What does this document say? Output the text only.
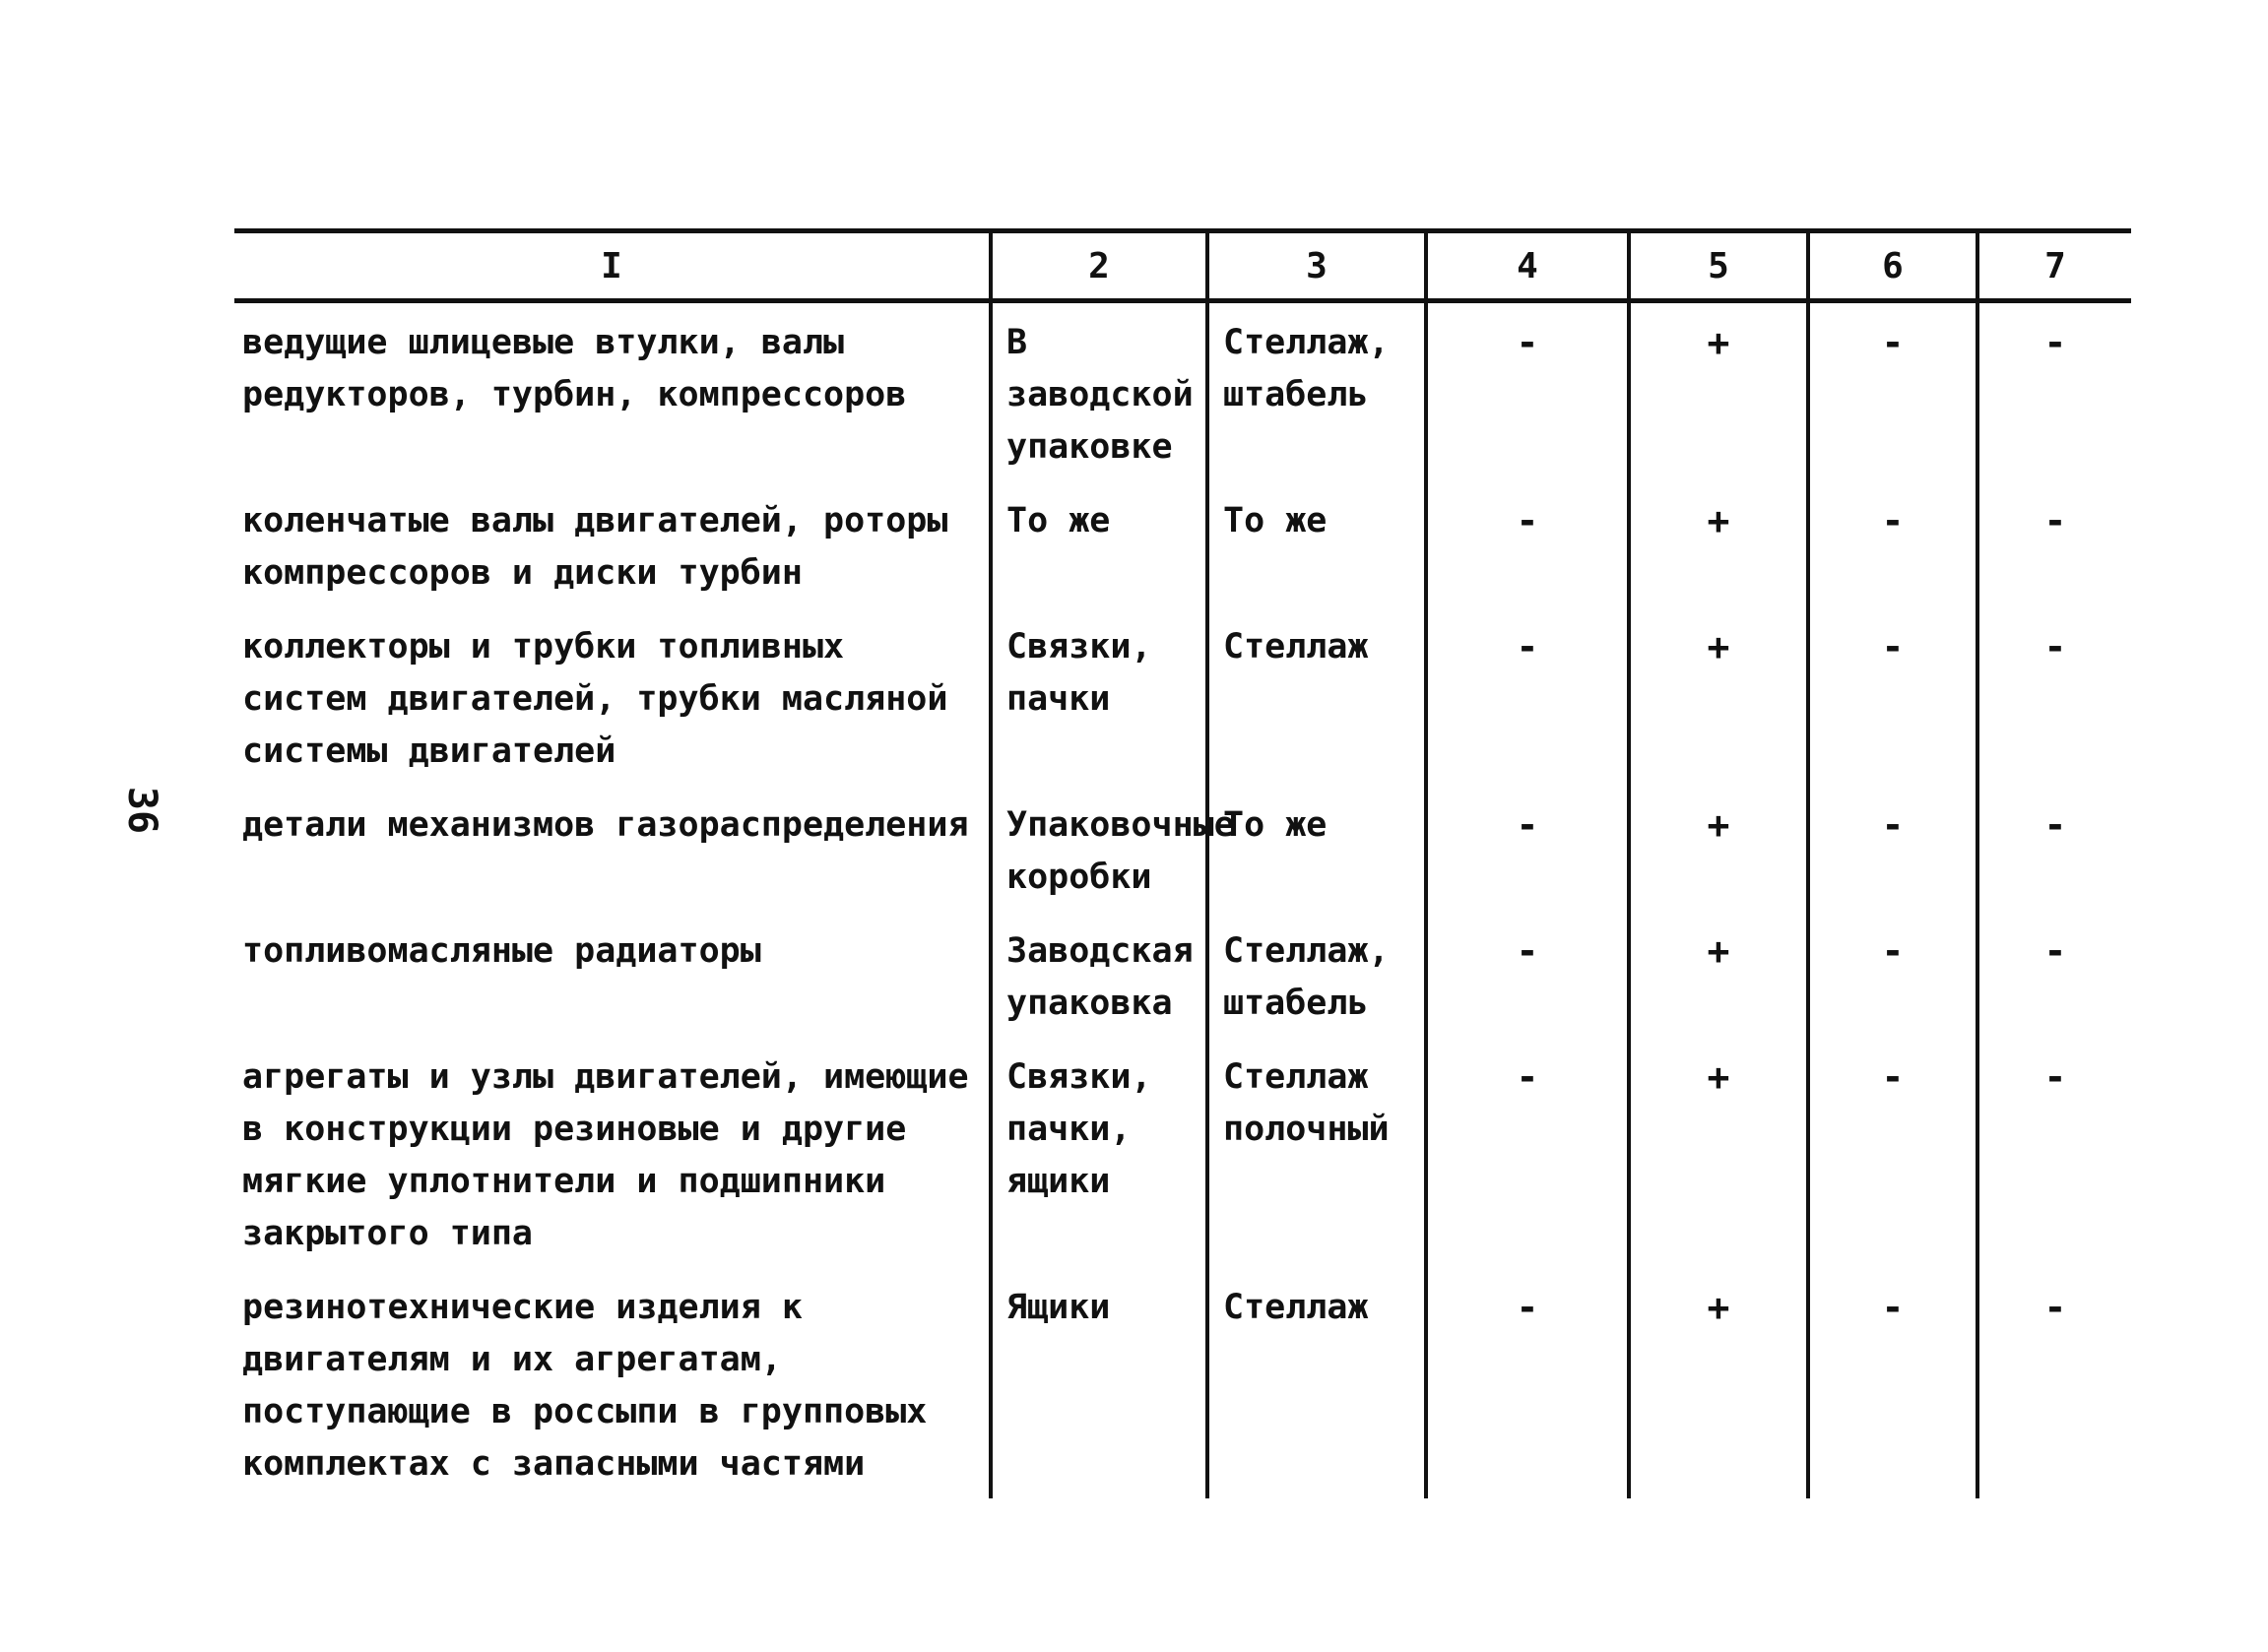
36
I	2	3	4	5	6	7
ведущие шлицевые втулки, валы редукторов, турбин, компрессоров	В заводской упаковке	Стеллаж, штабель	-	+	-	-
коленчатые валы двигателей, роторы компрессоров и диски турбин	То же	То же	-	+	-	-
коллекторы и трубки топливных систем двигателей, трубки масляной системы двигателей	Связки, пачки	Стеллаж	-	+	-	-
детали механизмов газораспределения	Упаковочные коробки	То же	-	+	-	-
топливомасляные радиаторы	Заводская упаковка	Стеллаж, штабель	-	+	-	-
агрегаты и узлы двигателей, имеющие в конструкции резиновые и другие мягкие уплотнители и подшипники закрытого типа	Связки, пачки, ящики	Стеллаж полочный	-	+	-	-
резинотехнические изделия к двигателям и их агрегатам, поступающие в россыпи в групповых комплектах с запасными частями	Ящики	Стеллаж	-	+	-	-
